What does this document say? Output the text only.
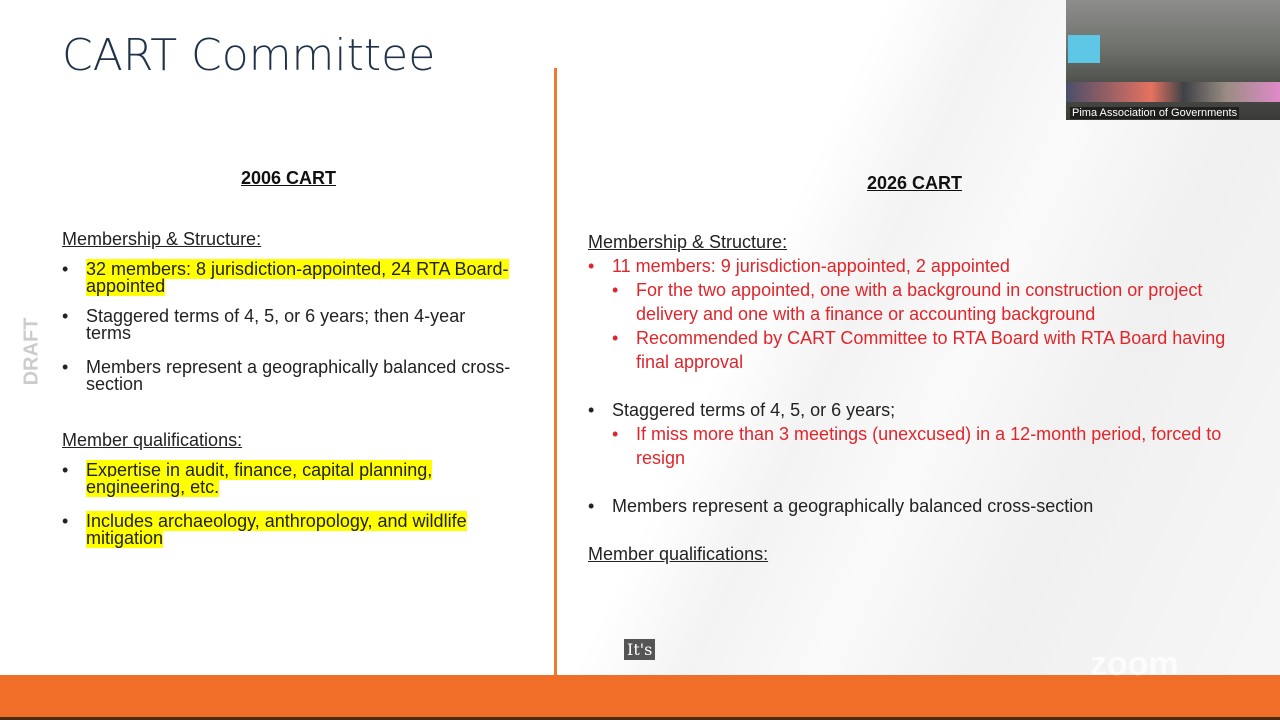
CART Committee
DRAFT
2006 CART
Membership & Structure:
• 32 members: 8 jurisdiction-appointed, 24 RTA Board-appointed
• Staggered terms of 4, 5, or 6 years; then 4-year terms
• Members represent a geographically balanced cross-section
Member qualifications:
• Expertise in audit, finance, capital planning, engineering, etc.
• Includes archaeology, anthropology, and wildlife mitigation
2026 CART
Membership & Structure:
• 11 members: 9 jurisdiction-appointed, 2 appointed
• For the two appointed, one with a background in construction or project delivery and one with a finance or accounting background
• Recommended by CART Committee to RTA Board with RTA Board having final approval
• Staggered terms of 4, 5, or 6 years;
• If miss more than 3 meetings (unexcused) in a 12-month period, forced to resign
• Members represent a geographically balanced cross-section
Member qualifications:
Pima Association of Governments
It's	zoom
